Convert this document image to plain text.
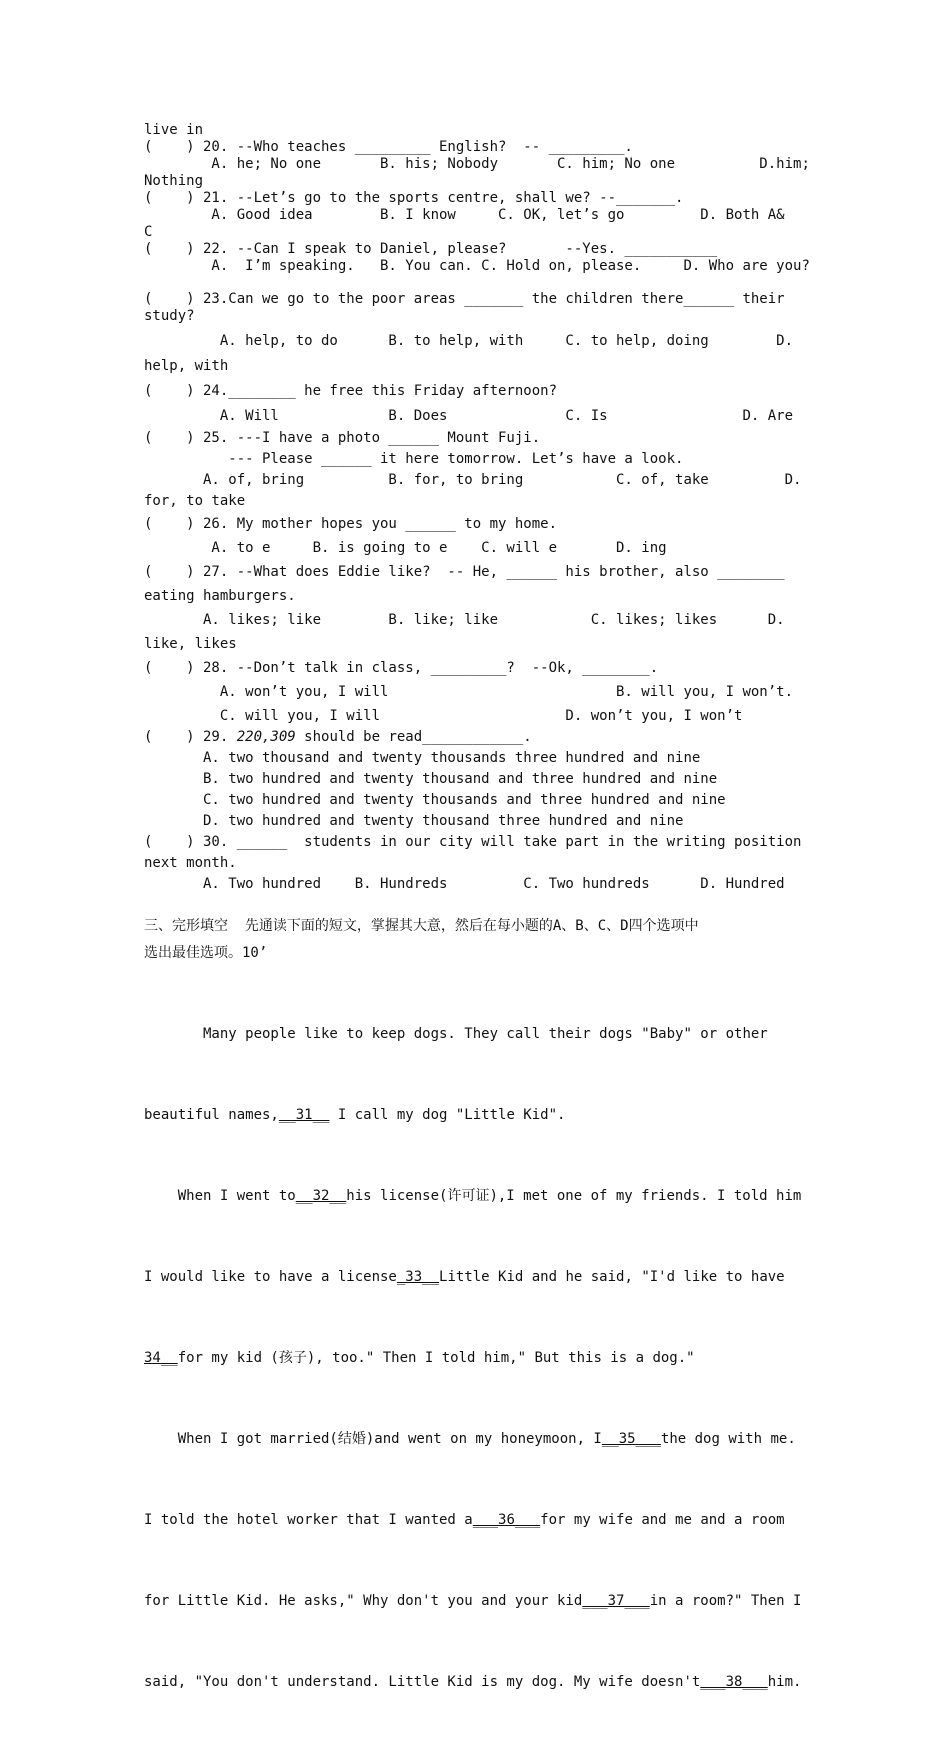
live in
(    ) 20. --Who teaches _________ English?  -- _________.
A. he; No one       B. his; Nobody       C. him; No one          D.him;
Nothing
(    ) 21. --Let’s go to the sports centre, shall we? --_______.
A. Good idea        B. I know     C. OK, let’s go         D. Both A&
C
(    ) 22. --Can I speak to Daniel, please?       --Yes. ___________
A.  I’m speaking.   B. You can. C. Hold on, please.     D. Who are you?
(    ) 23.Can we go to the poor areas _______ the children there______ their
study?
A. help, to do      B. to help, with     C. to help, doing        D.
help, with
(    ) 24.________ he free this Friday afternoon?
A. Will             B. Does              C. Is                D. Are
(    ) 25. ---I have a photo ______ Mount Fuji.
--- Please ______ it here tomorrow. Let’s have a look.
A. of, bring          B. for, to bring           C. of, take         D.
for, to take
(    ) 26. My mother hopes you ______ to my home.
A. to e     B. is going to e    C. will e       D. ing
(    ) 27. --What does Eddie like?  -- He, ______ his brother, also ________
eating hamburgers.
A. likes; like        B. like; like           C. likes; likes      D.
like, likes
(    ) 28. --Don’t talk in class, _________?  --Ok, ________.
A. won’t you, I will                           B. will you, I won’t.
C. will you, I will                      D. won’t you, I won’t
(    ) 29. 220,309 should be read____________.
A. two thousand and twenty thousands three hundred and nine
B. two hundred and twenty thousand and three hundred and nine
C. two hundred and twenty thousands and three hundred and nine
D. two hundred and twenty thousand three hundred and nine
(    ) 30. ______  students in our city will take part in the writing position
next month.
A. Two hundred    B. Hundreds         C. Two hundreds      D. Hundred
三、完形填空  先通读下面的短文，掌握其大意，然后在每小题的A、B、C、D四个选项中
选出最佳选项。10’

Many people like to keep dogs. They call their dogs "Baby" or other

beautiful names,__31__ I call my dog "Little Kid".

When I went to__32__his license(许可证),I met one of my friends. I told him

I would like to have a license_33__Little Kid and he said, "I'd like to have

34__for my kid (孩子), too." Then I told him," But this is a dog."

When I got married(结婚)and went on my honeymoon, I__35___the dog with me.

I told the hotel worker that I wanted a___36___for my wife and me and a room

for Little Kid. He asks," Why don't you and your kid___37___in a room?" Then I

said, "You don't understand. Little Kid is my dog. My wife doesn't___38___him.
